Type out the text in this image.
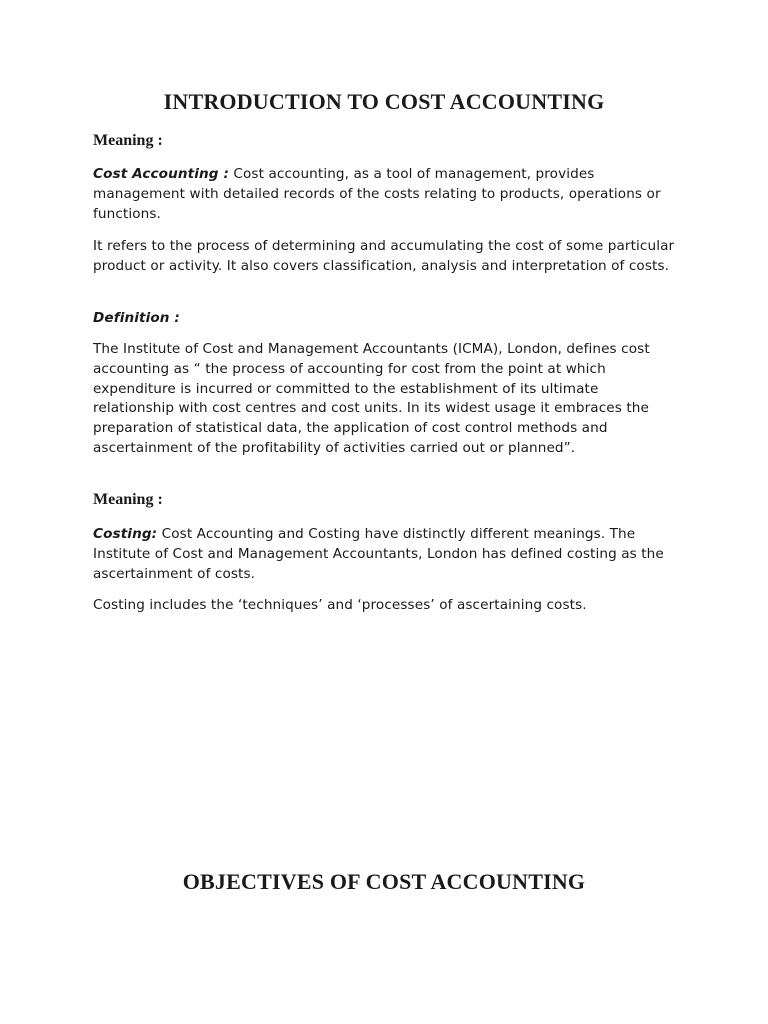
INTRODUCTION TO COST ACCOUNTING
Meaning :

Cost Accounting : Cost accounting, as a tool of management, provides management with detailed records of the costs relating to products, operations or functions.

It refers to the process of determining and accumulating the cost of some particular product or activity. It also covers classification, analysis and interpretation of costs.

Definition :

The Institute of Cost and Management Accountants (ICMA), London, defines cost accounting as “ the process of accounting for cost from the point at which expenditure is incurred or committed to the establishment of its ultimate relationship with cost centres and cost units. In its widest usage it embraces the preparation of statistical data, the application of cost control methods and ascertainment of the profitability of activities carried out or planned”.

Meaning :

Costing: Cost Accounting and Costing have distinctly different meanings. The Institute of Cost and Management Accountants, London has defined costing as the ascertainment of costs.

Costing includes the ‘techniques’ and ‘processes’ of ascertaining costs.

OBJECTIVES OF COST ACCOUNTING
